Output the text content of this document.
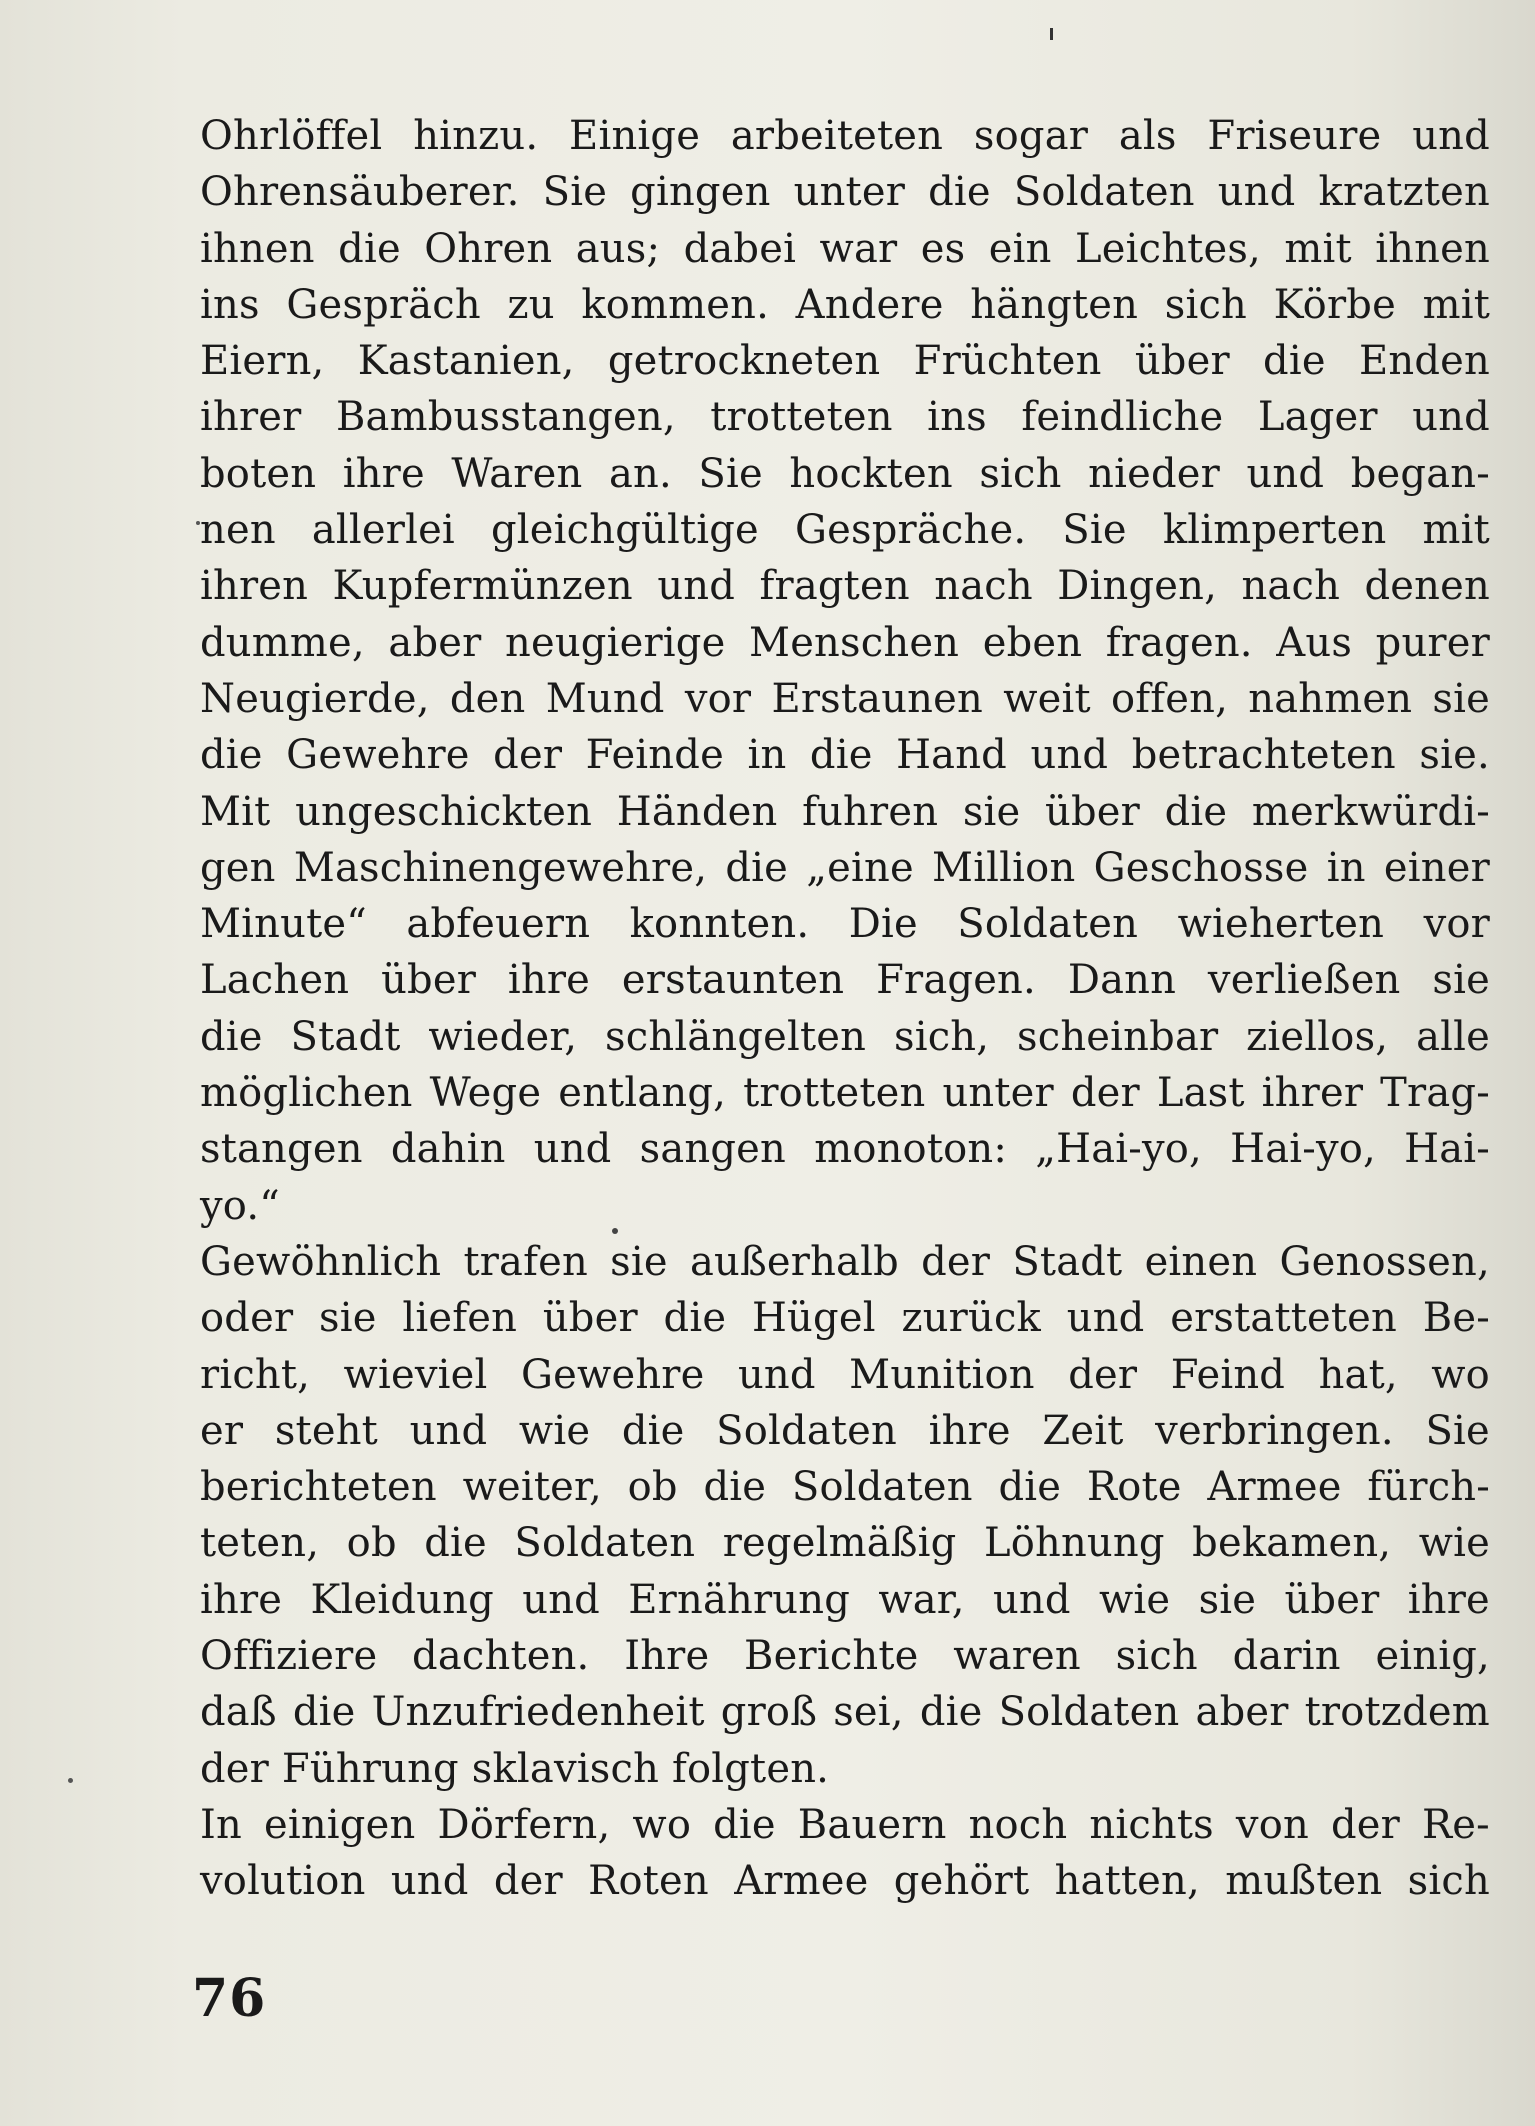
Ohrlöffel hinzu. Einige arbeiteten sogar als Friseure und
Ohrensäuberer. Sie gingen unter die Soldaten und kratzten
ihnen die Ohren aus; dabei war es ein Leichtes, mit ihnen
ins Gespräch zu kommen. Andere hängten sich Körbe mit
Eiern, Kastanien, getrockneten Früchten über die Enden
ihrer Bambusstangen, trotteten ins feindliche Lager und
boten ihre Waren an. Sie hockten sich nieder und began-
nen allerlei gleichgültige Gespräche. Sie klimperten mit
ihren Kupfermünzen und fragten nach Dingen, nach denen
dumme, aber neugierige Menschen eben fragen. Aus purer
Neugierde, den Mund vor Erstaunen weit offen, nahmen sie
die Gewehre der Feinde in die Hand und betrachteten sie.
Mit ungeschickten Händen fuhren sie über die merkwürdi-
gen Maschinengewehre, die „eine Million Geschosse in einer
Minute“ abfeuern konnten. Die Soldaten wieherten vor
Lachen über ihre erstaunten Fragen. Dann verließen sie
die Stadt wieder, schlängelten sich, scheinbar ziellos, alle
möglichen Wege entlang, trotteten unter der Last ihrer Trag-
stangen dahin und sangen monoton: „Hai-yo, Hai-yo, Hai-
yo.“
Gewöhnlich trafen sie außerhalb der Stadt einen Genossen,
oder sie liefen über die Hügel zurück und erstatteten Be-
richt, wieviel Gewehre und Munition der Feind hat, wo
er steht und wie die Soldaten ihre Zeit verbringen. Sie
berichteten weiter, ob die Soldaten die Rote Armee fürch-
teten, ob die Soldaten regelmäßig Löhnung bekamen, wie
ihre Kleidung und Ernährung war, und wie sie über ihre
Offiziere dachten. Ihre Berichte waren sich darin einig,
daß die Unzufriedenheit groß sei, die Soldaten aber trotzdem
der Führung sklavisch folgten.
In einigen Dörfern, wo die Bauern noch nichts von der Re-
volution und der Roten Armee gehört hatten, mußten sich
76
